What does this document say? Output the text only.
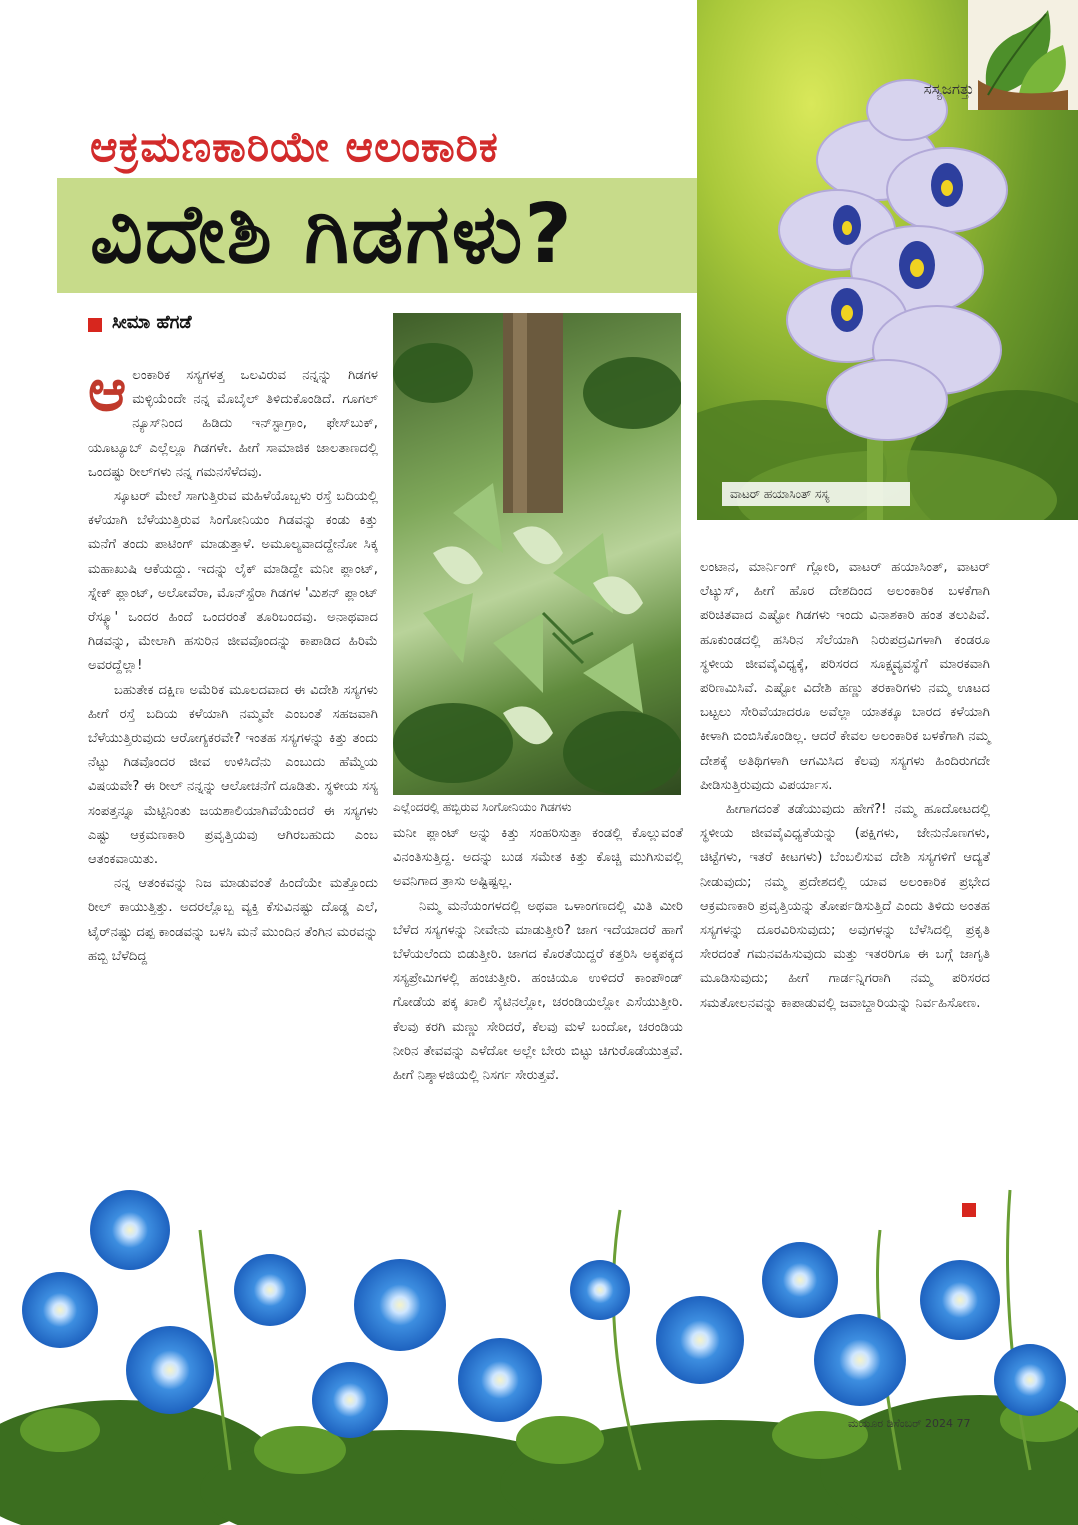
ಸಸ್ಯಜಗತ್ತು
ವಾಟರ್ ಹಯಾಸಿಂತ್ ಸಸ್ಯ
ಆಕ್ರಮಣಕಾರಿಯೇ ಆಲಂಕಾರಿಕ
ವಿದೇಶಿ ಗಿಡಗಳು?
ಸೀಮಾ ಹೆಗಡೆ

ಆಲಂಕಾರಿಕ ಸಸ್ಯಗಳತ್ತ ಒಲವಿರುವ ನನ್ನನ್ನು ಗಿಡಗಳ ಮಳ್ಳಿಯೆಂದೇ ನನ್ನ ಮೊಬೈಲ್ ತಿಳಿದುಕೊಂಡಿದೆ. ಗೂಗಲ್ ನ್ಯೂಸ್‌ನಿಂದ ಹಿಡಿದು ಇನ್‌ಸ್ಟಾಗ್ರಾಂ, ಫೇಸ್‌ಬುಕ್, ಯೂಟ್ಯೂಬ್ ಎಲ್ಲೆಲ್ಲೂ ಗಿಡಗಳೇ. ಹೀಗೆ ಸಾಮಾಜಿಕ ಜಾಲತಾಣದಲ್ಲಿ ಒಂದಷ್ಟು ರೀಲ್‌ಗಳು ನನ್ನ ಗಮನಸೆಳೆದವು.

ಸ್ಕೂಟರ್ ಮೇಲೆ ಸಾಗುತ್ತಿರುವ ಮಹಿಳೆಯೊಬ್ಬಳು ರಸ್ತೆ ಬದಿಯಲ್ಲಿ ಕಳೆಯಾಗಿ ಬೆಳೆಯುತ್ತಿರುವ ಸಿಂಗೋನಿಯಂ ಗಿಡವನ್ನು ಕಂಡು ಕಿತ್ತು ಮನೆಗೆ ತಂದು ಪಾಟಿಂಗ್ ಮಾಡುತ್ತಾಳೆ. ಅಮೂಲ್ಯವಾದದ್ದೇನೋ ಸಿಕ್ಕ ಮಹಾಖುಷಿ ಆಕೆಯದ್ದು. ಇದನ್ನು ಲೈಕ್ ಮಾಡಿದ್ದೇ ಮನೀ ಪ್ಲಾಂಟ್, ಸ್ನೇಕ್ ಪ್ಲಾಂಟ್, ಅಲೋವೆರಾ, ಮೊನ್‌ಸ್ಟೆರಾ ಗಿಡಗಳ 'ಮಿಶನ್ ಪ್ಲಾಂಟ್ ರೆಸ್ಕ್ಯೂ' ಒಂದರ ಹಿಂದೆ ಒಂದರಂತೆ ತೂರಿಬಂದವು. ಅನಾಥವಾದ ಗಿಡವನ್ನು, ಮೇಲಾಗಿ ಹಸುರಿನ ಜೀವವೊಂದನ್ನು ಕಾಪಾಡಿದ ಹಿರಿಮೆ ಅವರದ್ದೆಲ್ಲಾ!

ಬಹುತೇಕ ದಕ್ಷಿಣ ಅಮೆರಿಕ ಮೂಲದವಾದ ಈ ವಿದೇಶಿ ಸಸ್ಯಗಳು ಹೀಗೆ ರಸ್ತೆ ಬದಿಯ ಕಳೆಯಾಗಿ ನಮ್ಮವೇ ಎಂಬಂತೆ ಸಹಜವಾಗಿ ಬೆಳೆಯುತ್ತಿರುವುದು ಆರೋಗ್ಯಕರವೇ? ಇಂತಹ ಸಸ್ಯಗಳನ್ನು ಕಿತ್ತು ತಂದು ನೆಟ್ಟು ಗಿಡವೊಂದರ ಜೀವ ಉಳಿಸಿದೆನು ಎಂಬುದು ಹೆಮ್ಮೆಯ ವಿಷಯವೇ? ಈ ರೀಲ್ ನನ್ನನ್ನು ಆಲೋಚನೆಗೆ ದೂಡಿತು. ಸ್ಥಳೀಯ ಸಸ್ಯ ಸಂಪತ್ತನ್ನೂ ಮೆಟ್ಟಿನಿಂತು ಜಯಶಾಲಿಯಾಗಿವೆಯೆಂದರೆ ಈ ಸಸ್ಯಗಳು ಎಷ್ಟು ಆಕ್ರಮಣಕಾರಿ ಪ್ರವೃತ್ತಿಯವು ಆಗಿರಬಹುದು ಎಂಬ ಆತಂಕವಾಯಿತು.

ನನ್ನ ಆತಂಕವನ್ನು ನಿಜ ಮಾಡುವಂತೆ ಹಿಂದೆಯೇ ಮತ್ತೊಂದು ರೀಲ್ ಕಾಯುತ್ತಿತ್ತು. ಅದರಲ್ಲೊಬ್ಬ ವ್ಯಕ್ತಿ ಕೆಸುವಿನಷ್ಟು ದೊಡ್ಡ ಎಲೆ, ಟೈರ್‌ನಷ್ಟು ದಪ್ಪ ಕಾಂಡವನ್ನು ಬಳಸಿ ಮನೆ ಮುಂದಿನ ತೆಂಗಿನ ಮರವನ್ನು ಹಬ್ಬಿ ಬೆಳೆದಿದ್ದ

ಎಲ್ಲೆಂದರಲ್ಲಿ ಹಬ್ಬಿರುವ ಸಿಂಗೋನಿಯಂ ಗಿಡಗಳು

ಮನೀ ಪ್ಲಾಂಟ್ ಅನ್ನು ಕಿತ್ತು ಸಂಹರಿಸುತ್ತಾ ಕಂಡಲ್ಲಿ ಕೊಲ್ಲುವಂತೆ ವಿನಂತಿಸುತ್ತಿದ್ದ. ಅದನ್ನು ಬುಡ ಸಮೇತ ಕಿತ್ತು ಕೊಚ್ಚಿ ಮುಗಿಸುವಲ್ಲಿ ಅವನಿಗಾದ ತ್ರಾಸು ಅಷ್ಟಿಷ್ಟಲ್ಲ.

ನಿಮ್ಮ ಮನೆಯಂಗಳದಲ್ಲಿ ಅಥವಾ ಒಳಾಂಗಣದಲ್ಲಿ ಮಿತಿ ಮೀರಿ ಬೆಳೆದ ಸಸ್ಯಗಳನ್ನು ನೀವೇನು ಮಾಡುತ್ತೀರಿ? ಜಾಗ ಇದೆಯಾದರೆ ಹಾಗೆ ಬೆಳೆಯಲೆಂದು ಬಿಡುತ್ತೀರಿ. ಜಾಗದ ಕೊರತೆಯಿದ್ದರೆ ಕತ್ತರಿಸಿ ಅಕ್ಕಪಕ್ಕದ ಸಸ್ಯಪ್ರೇಮಿಗಳಲ್ಲಿ ಹಂಚುತ್ತೀರಿ. ಹಂಚಿಯೂ ಉಳಿದರೆ ಕಾಂಪೌಂಡ್ ಗೋಡೆಯ ಪಕ್ಕ ಖಾಲಿ ಸೈಟಿನಲ್ಲೋ, ಚರಂಡಿಯಲ್ಲೋ ಎಸೆಯುತ್ತೀರಿ. ಕೆಲವು ಕರಗಿ ಮಣ್ಣು ಸೇರಿದರೆ, ಕೆಲವು ಮಳೆ ಬಂದೋ, ಚರಂಡಿಯ ನೀರಿನ ತೇವವನ್ನು ಎಳೆದೋ ಅಲ್ಲೇ ಬೇರು ಬಿಟ್ಟು ಚಿಗುರೊಡೆಯುತ್ತವೆ. ಹೀಗೆ ನಿಶ್ಶಾಳಜಿಯಲ್ಲಿ ನಿಸರ್ಗ ಸೇರುತ್ತವೆ.

ಲಂಟಾನ, ಮಾರ್ನಿಂಗ್ ಗ್ಲೋರಿ, ವಾಟರ್ ಹಯಾಸಿಂತ್, ವಾಟರ್ ಲೆಟ್ಯುಸ್, ಹೀಗೆ ಹೊರ ದೇಶದಿಂದ ಅಲಂಕಾರಿಕ ಬಳಕೆಗಾಗಿ ಪರಿಚಿತವಾದ ಎಷ್ಟೋ ಗಿಡಗಳು ಇಂದು ವಿನಾಶಕಾರಿ ಹಂತ ತಲುಪಿವೆ. ಹೂಕುಂಡದಲ್ಲಿ ಹಸಿರಿನ ಸೆಲೆಯಾಗಿ ನಿರುಪದ್ರವಿಗಳಾಗಿ ಕಂಡರೂ ಸ್ಥಳೀಯ ಜೀವವೈವಿಧ್ಯಕ್ಕೆ, ಪರಿಸರದ ಸೂಕ್ಷ್ಮವ್ಯವಸ್ಥೆಗೆ ಮಾರಕವಾಗಿ ಪರಿಣಮಿಸಿವೆ. ಎಷ್ಟೋ ವಿದೇಶಿ ಹಣ್ಣು ತರಕಾರಿಗಳು ನಮ್ಮ ಊಟದ ಬಟ್ಟಲು ಸೇರಿವೆಯಾದರೂ ಅವೆಲ್ಲಾ ಯಾತಕ್ಕೂ ಬಾರದ ಕಳೆಯಾಗಿ ಕೀಳಾಗಿ ಬಿಂಬಿಸಿಕೊಂಡಿಲ್ಲ. ಆದರೆ ಕೇವಲ ಅಲಂಕಾರಿಕ ಬಳಕೆಗಾಗಿ ನಮ್ಮ ದೇಶಕ್ಕೆ ಅತಿಥಿಗಳಾಗಿ ಆಗಮಿಸಿದ ಕೆಲವು ಸಸ್ಯಗಳು ಹಿಂದಿರುಗದೇ ಪೀಡಿಸುತ್ತಿರುವುದು ವಿಪರ್ಯಾಸ.

ಹೀಗಾಗದಂತೆ ತಡೆಯುವುದು ಹೇಗೆ?! ನಮ್ಮ ಹೂದೋಟದಲ್ಲಿ ಸ್ಥಳೀಯ ಜೀವವೈವಿಧ್ಯತೆಯನ್ನು (ಪಕ್ಷಿಗಳು, ಜೇನುನೊಣಗಳು, ಚಿಟ್ಟೆಗಳು, ಇತರೆ ಕೀಟಗಳು) ಬೆಂಬಲಿಸುವ ದೇಶಿ ಸಸ್ಯಗಳಿಗೆ ಆದ್ಯತೆ ನೀಡುವುದು; ನಮ್ಮ ಪ್ರದೇಶದಲ್ಲಿ ಯಾವ ಅಲಂಕಾರಿಕ ಪ್ರಭೇದ ಆಕ್ರಮಣಕಾರಿ ಪ್ರವೃತ್ತಿಯನ್ನು ತೋರ್ಪಡಿಸುತ್ತಿದೆ ಎಂದು ತಿಳಿದು ಅಂತಹ ಸಸ್ಯಗಳನ್ನು ದೂರವಿರಿಸುವುದು; ಅವುಗಳನ್ನು ಬೆಳೆಸಿದಲ್ಲಿ ಪ್ರಕೃತಿ ಸೇರದಂತೆ ಗಮನವಹಿಸುವುದು ಮತ್ತು ಇತರರಿಗೂ ಈ ಬಗ್ಗೆ ಜಾಗೃತಿ ಮೂಡಿಸುವುದು; ಹೀಗೆ ಗಾರ್ಡನ್ನಿಗರಾಗಿ ನಮ್ಮ ಪರಿಸರದ ಸಮತೋಲನವನ್ನು ಕಾಪಾಡುವಲ್ಲಿ ಜವಾಬ್ದಾರಿಯನ್ನು ನಿರ್ವಹಿಸೋಣ.

ಮಯೂರ ಡಿಸೆಂಬರ್ 2024 77
